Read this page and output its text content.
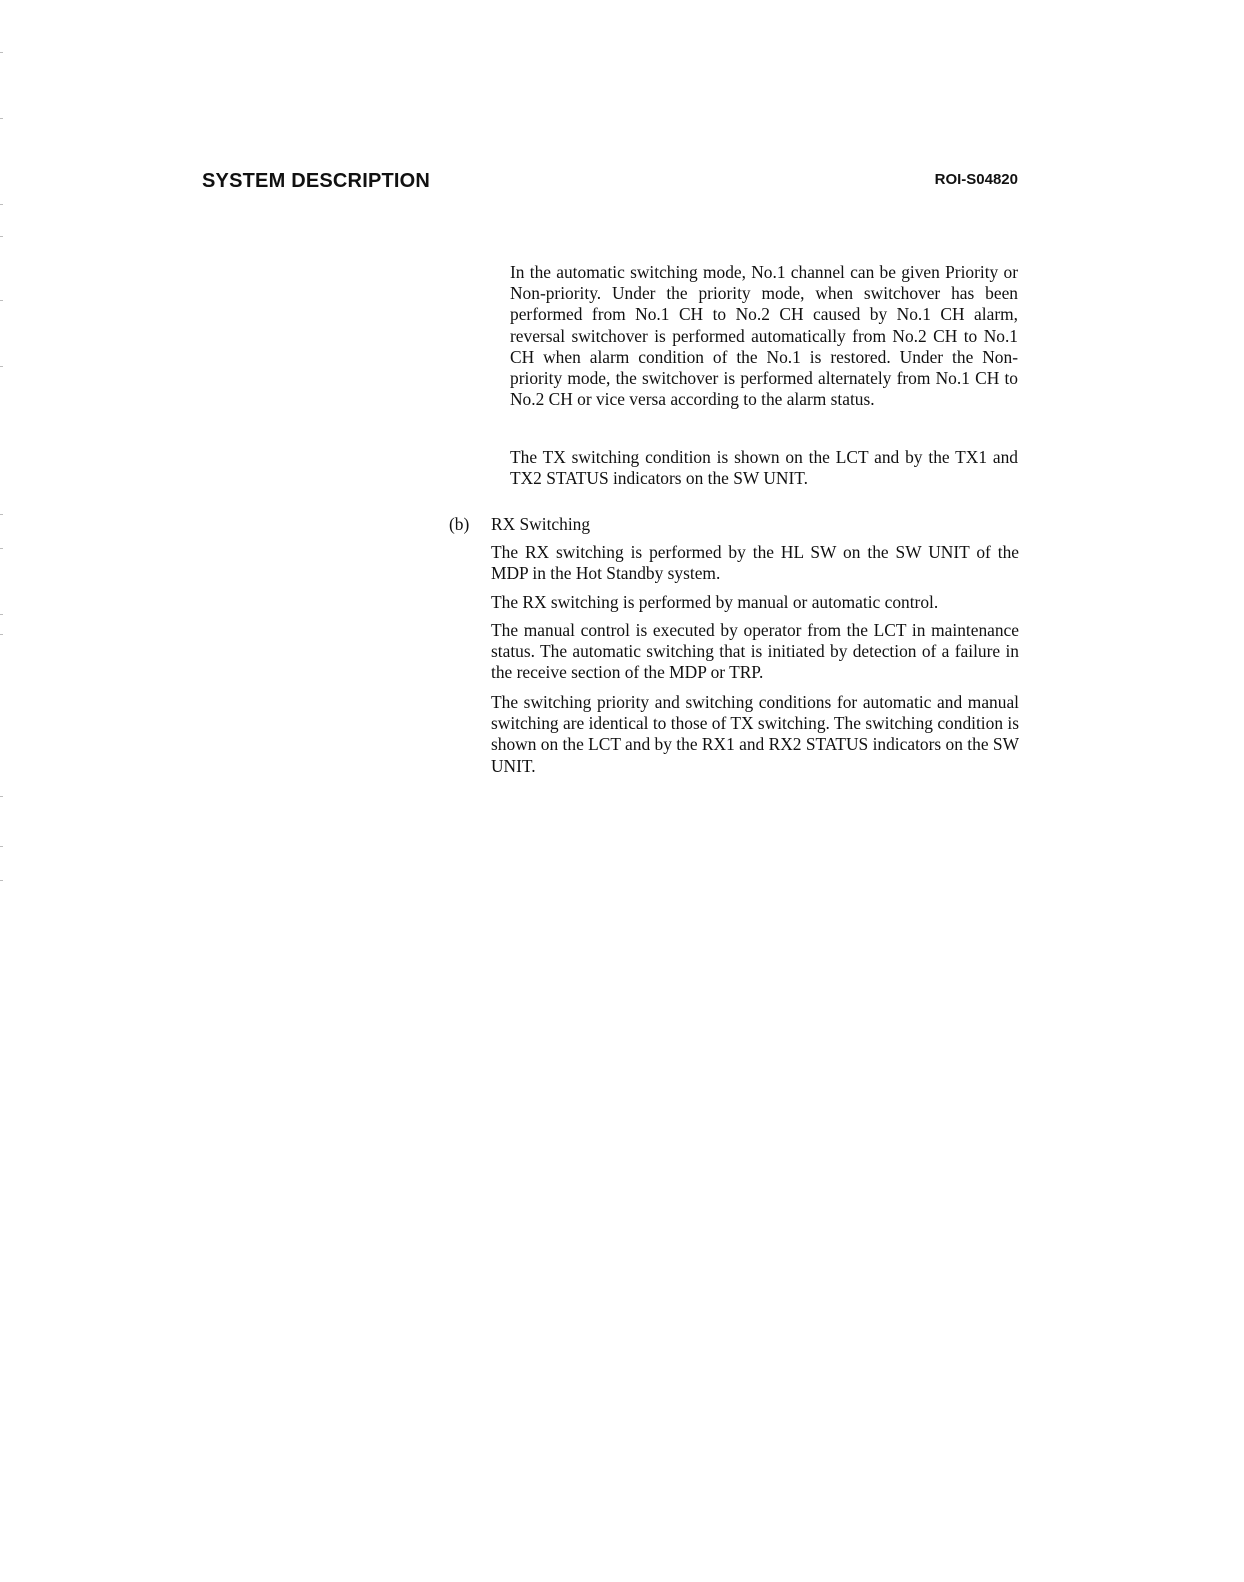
SYSTEM DESCRIPTION	ROI-S04820

In the automatic switching mode, No.1 channel can be given Priority or Non-priority. Under the priority mode, when switchover has been performed from No.1 CH to No.2 CH caused by No.1 CH alarm, reversal switchover is performed automatically from No.2 CH to No.1 CH when alarm condition of the No.1 is restored. Under the Non-priority mode, the switchover is performed alternately from No.1 CH to No.2 CH or vice versa according to the alarm status.

The TX switching condition is shown on the LCT and by the TX1 and TX2 STATUS indicators on the SW UNIT.

(b) RX Switching

The RX switching is performed by the HL SW on the SW UNIT of the MDP in the Hot Standby system.

The RX switching is performed by manual or automatic control.

The manual control is executed by operator from the LCT in maintenance status. The automatic switching that is initiated by detection of a failure in the receive section of the MDP or TRP.

The switching priority and switching conditions for automatic and manual switching are identical to those of TX switching. The switching condition is shown on the LCT and by the RX1 and RX2 STATUS indicators on the SW UNIT.
